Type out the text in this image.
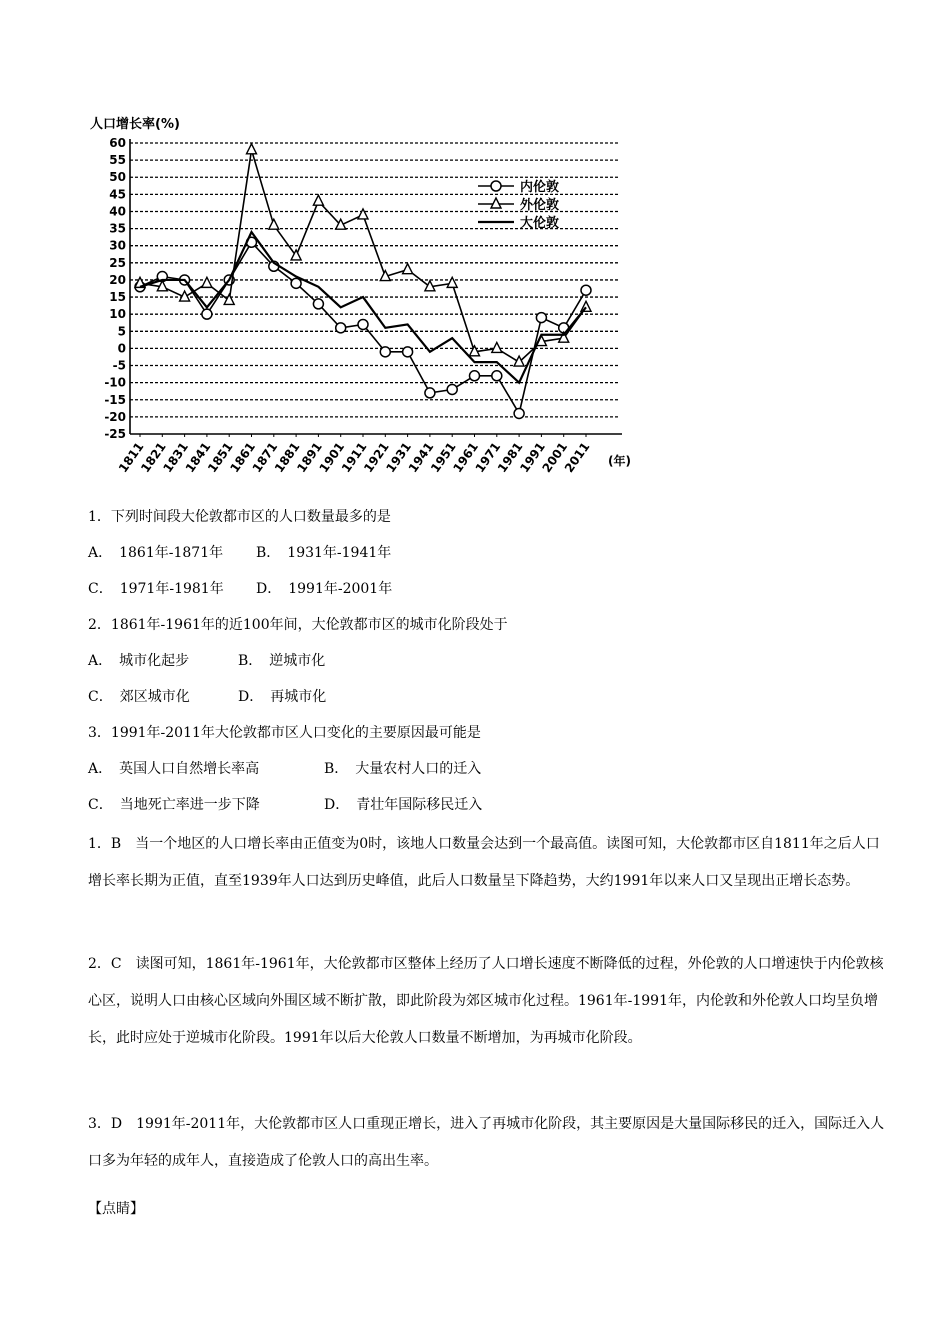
60
55
50
45
40
35
30
25
20
15
10
5
0
-5
-10
-15
-20
-25
人口增长率(%)
1811
1821
1831
1841
1851
1861
1871
1881
1891
1901
1911
1921
1931
1941
1951
1961
1971
1981
1991
2001
2011 (年)
内伦敦
外伦敦
大伦敦
1．下列时间段大伦敦都市区的人口数量最多的是
A．　1861年-1871年 B．　1931年-1941年
C．　1971年-1981年 D．　1991年-2001年
2．1861年-1961年的近100年间，大伦敦都市区的城市化阶段处于
A．　城市化起步	B．　逆城市化
C．　郊区城市化	D．　再城市化
3．1991年-2011年大伦敦都市区人口变化的主要原因最可能是
A．　英国人口自然增长率高	B．　大量农村人口的迁入
C．　当地死亡率进一步下降	D．　青壮年国际移民迁入
1．B　当一个地区的人口增长率由正值变为0时，该地人口数量会达到一个最高值。读图可知，大伦敦都市区自1811年之后人口增长率长期为正值，直至1939年人口达到历史峰值，此后人口数量呈下降趋势，大约1991年以来人口又呈现出正增长态势。
2．C　读图可知，1861年-1961年，大伦敦都市区整体上经历了人口增长速度不断降低的过程，外伦敦的人口增速快于内伦敦核心区，说明人口由核心区域向外围区域不断扩散，即此阶段为郊区城市化过程。1961年-1991年，内伦敦和外伦敦人口均呈负增长，此时应处于逆城市化阶段。1991年以后大伦敦人口数量不断增加，为再城市化阶段。
3．D　1991年-2011年，大伦敦都市区人口重现正增长，进入了再城市化阶段，其主要原因是大量国际移民的迁入，国际迁入人口多为年轻的成年人，直接造成了伦敦人口的高出生率。
【点睛】
